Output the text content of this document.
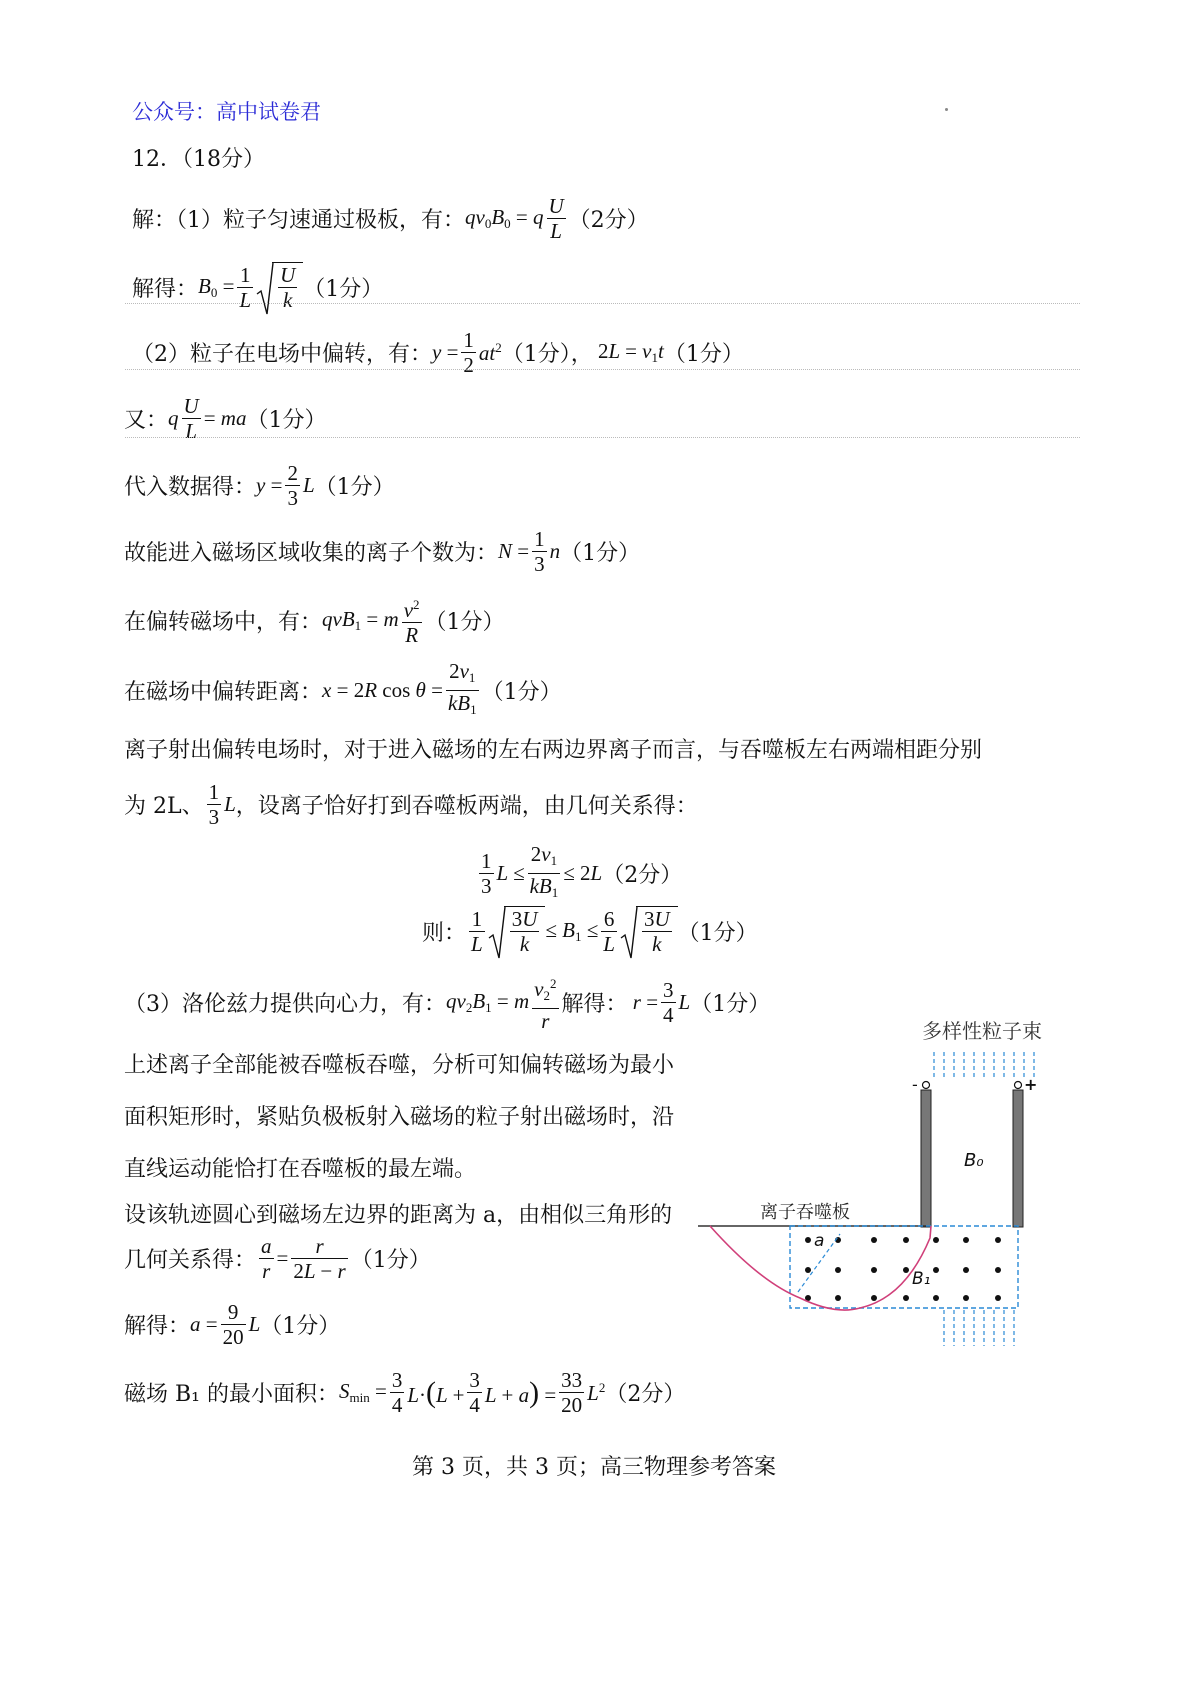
公众号：高中试卷君
12．（18分）
解：（1）粒子匀速通过极板，有： $qv_0B_0 = q \frac{U}{L} (2$分）
解得： $B_0 = \frac{1}{L} \frac{U}{k} (1$分）
（2）粒子在电场中偏转，有： $y = \frac{1}{2} at^2$ （1分）， $2L = v_1t$ （1分）
又： q $\frac{U}{L}$ = ma （1分）
代入数据得： $y = \frac{2}{3}$ L （1分）
故能进入磁场区域收集的离子个数为： $N = \frac{1}{3}$ n （1分）
在偏转磁场中，有： qvB$_1$ = m $\frac{v^2}{R} (1$分）
在磁场中偏转距离： x = 2R $\cos \theta = \frac{2v_1}{kB_1} (1$分）
离子射出偏转电场时，对于进入磁场的左右两边界离子而言，与吞噬板左右两端相距分别
为 2L、 $\frac{1}{3}$ L ，设离子恰好打到吞噬板两端，由几何关系得：
$\frac{1}{3}$ $L \le \frac{2v_1}{kB_1} \le 2L$ （2分）
则： $\frac{1}{L} \frac{3U}{k} \le B_1 \le \frac{6}{L} \frac{3U}{k} (1$分）
（3）洛伦兹力提供向心力，有： $qv_2B_1 = m \frac{v_2^2}{r}$ 解得： $r = \frac{3}{4}$ L （1分）
上述离子全部能被吞噬板吞噬，分析可知偏转磁场为最小
面积矩形时，紧贴负极板射入磁场的粒子射出磁场时，沿
直线运动能恰打在吞噬板的最左端。
设该轨迹圆心到磁场左边界的距离为 a，由相似三角形的
几何关系得： $\frac{a}{r} = \frac{r}{2L - r} (1$分）
解得： $a = \frac{9}{20}$ L （1分）
磁场 B₁ 的最小面积： $S_{min} = \frac{3}{4} L\cdot(L + \frac{3}{4}$ $L + a) = \frac{33}{20} L^2$ （2分）
多样性粒子束
-	+
B₀
离子吞噬板
a
B₁
第 3 页，共 3 页；高三物理参考答案
